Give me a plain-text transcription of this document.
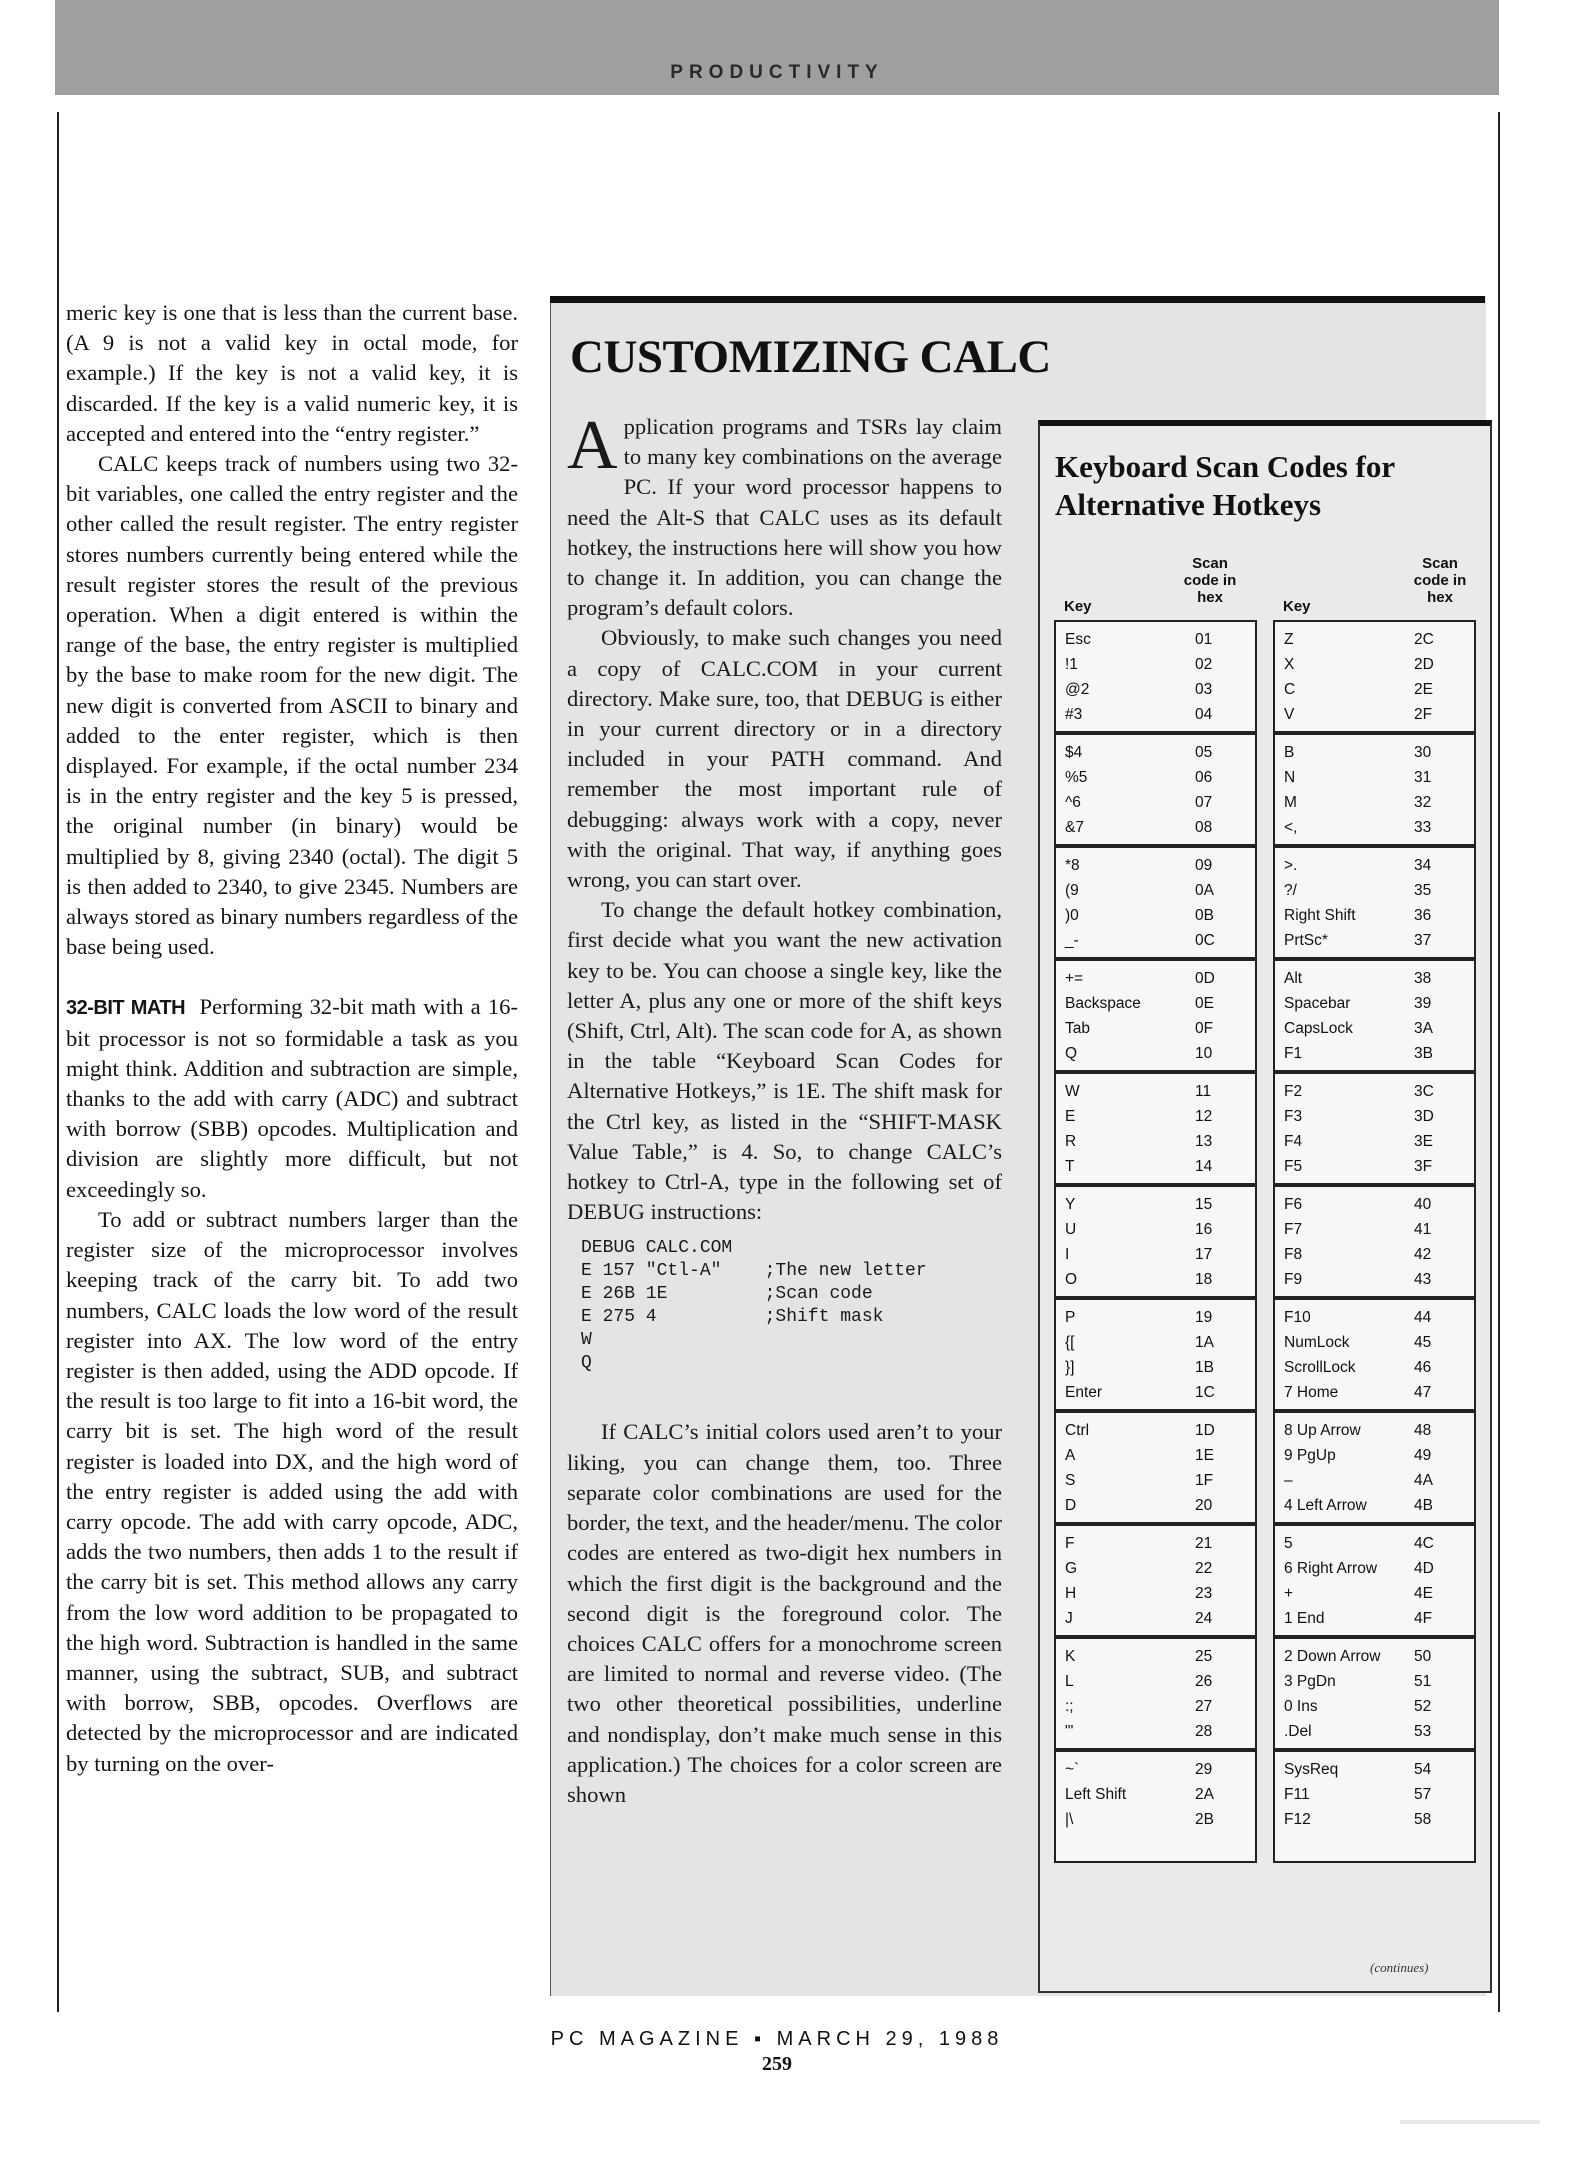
PRODUCTIVITY

meric key is one that is less than the current base. (A 9 is not a valid key in octal mode, for example.) If the key is not a valid key, it is discarded. If the key is a valid numeric key, it is accepted and entered into the “entry register.”

CALC keeps track of numbers using two 32-bit variables, one called the entry register and the other called the result register. The entry register stores numbers currently being entered while the result register stores the result of the previous operation. When a digit entered is within the range of the base, the entry register is multiplied by the base to make room for the new digit. The new digit is converted from ASCII to binary and added to the enter register, which is then displayed. For example, if the octal number 234 is in the entry register and the key 5 is pressed, the original number (in binary) would be multiplied by 8, giving 2340 (octal). The digit 5 is then added to 2340, to give 2345. Numbers are always stored as binary numbers regardless of the base being used.

32-BIT MATH Performing 32-bit math with a 16-bit processor is not so formidable a task as you might think. Addition and subtraction are simple, thanks to the add with carry (ADC) and subtract with borrow (SBB) opcodes. Multiplication and division are slightly more difficult, but not exceedingly so.

To add or subtract numbers larger than the register size of the microprocessor involves keeping track of the carry bit. To add two numbers, CALC loads the low word of the result register into AX. The low word of the entry register is then added, using the ADD opcode. If the result is too large to fit into a 16-bit word, the carry bit is set. The high word of the result register is loaded into DX, and the high word of the entry register is added using the add with carry opcode. The add with carry opcode, ADC, adds the two numbers, then adds 1 to the result if the carry bit is set. This method allows any carry from the low word addition to be propagated to the high word. Subtraction is handled in the same manner, using the subtract, SUB, and subtract with borrow, SBB, opcodes. Overflows are detected by the microprocessor and are indicated by turning on the over-

CUSTOMIZING CALC

Application programs and TSRs lay claim to many key combinations on the average PC. If your word processor happens to need the Alt-S that CALC uses as its default hotkey, the instructions here will show you how to change it. In addition, you can change the program’s default colors.

Obviously, to make such changes you need a copy of CALC.COM in your current directory. Make sure, too, that DEBUG is either in your current directory or in a directory included in your PATH command. And remember the most important rule of debugging: always work with a copy, never with the original. That way, if anything goes wrong, you can start over.

To change the default hotkey combination, first decide what you want the new activation key to be. You can choose a single key, like the letter A, plus any one or more of the shift keys (Shift, Ctrl, Alt). The scan code for A, as shown in the table “Keyboard Scan Codes for Alternative Hotkeys,” is 1E. The shift mask for the Ctrl key, as listed in the “SHIFT-MASK Value Table,” is 4. So, to change CALC’s hotkey to Ctrl-A, type in the following set of DEBUG instructions:

DEBUG CALC.COM
E 157 "Ctl-A"    ;The new letter
E 26B 1E         ;Scan code
E 275 4          ;Shift mask
W
Q

If CALC’s initial colors used aren’t to your liking, you can change them, too. Three separate color combinations are used for the border, the text, and the header/menu. The color codes are entered as two-digit hex numbers in which the first digit is the background and the second digit is the foreground color. The choices CALC offers for a monochrome screen are limited to normal and reverse video. (The two other theoretical possibilities, underline and nondisplay, don’t make much sense in this application.) The choices for a color screen are shown

Keyboard Scan Codes for Alternative Hotkeys
Key
Scan code in hex
Key
Scan code in hex
Esc	01
!1	02
@2	03
#3	04
$4	05
%5	06
^6	07
&7	08
*8	09
(9	0A
)0	0B
_-	0C
+=	0D
Backspace	0E
Tab	0F
Q	10
W	11
E	12
R	13
T	14
Y	15
U	16
I	17
O	18
P	19
{[	1A
}]	1B
Enter	1C
Ctrl	1D
A	1E
S	1F
D	20
F	21
G	22
H	23
J	24
K	25
L	26
:;	27
"'	28
~`	29
Left Shift	2A
|\	2B
Z	2C
X	2D
C	2E
V	2F
B	30
N	31
M	32
<,	33
>.	34
?/	35
Right Shift	36
PrtSc*	37
Alt	38
Spacebar	39
CapsLock	3A
F1	3B
F2	3C
F3	3D
F4	3E
F5	3F
F6	40
F7	41
F8	42
F9	43
F10	44
NumLock	45
ScrollLock	46
7 Home	47
8 Up Arrow	48
9 PgUp	49
–	4A
4 Left Arrow	4B
5	4C
6 Right Arrow	4D
+	4E
1 End	4F
2 Down Arrow	50
3 PgDn	51
0 Ins	52
.Del	53
SysReq	54
F11	57
F12	58
(continues)
PC MAGAZINE ▪ MARCH 29, 1988
259
